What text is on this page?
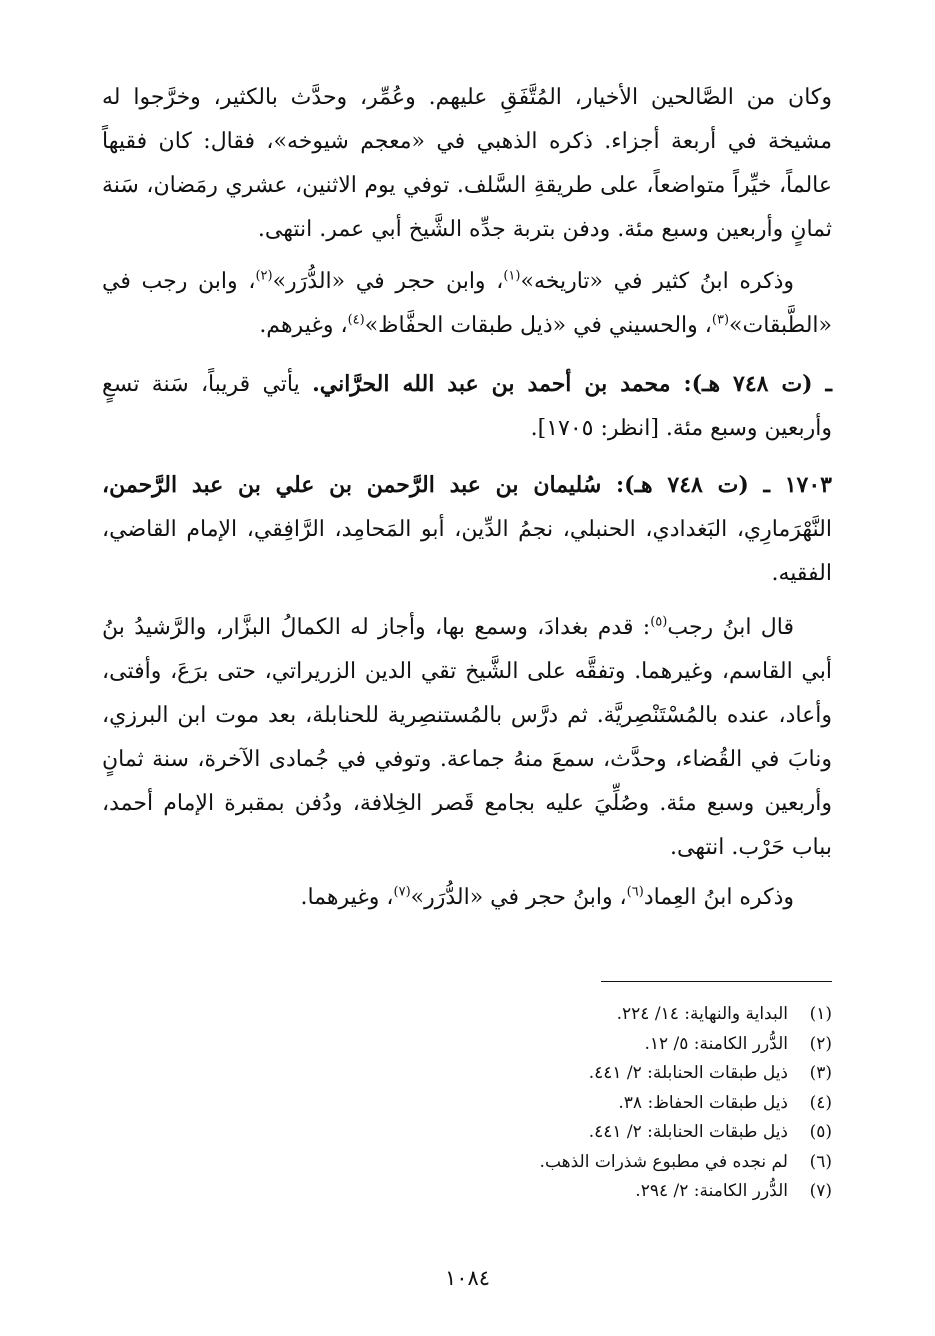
وكان من الصَّالحين الأخيار، المُتَّفَقِ عليهم. وعُمِّر، وحدَّث بالكثير، وخرَّجوا له مشيخة في أربعة أجزاء. ذكره الذهبي في «معجم شيوخه»، فقال: كان فقيهاً عالماً، خيِّراً متواضعاً، على طريقةِ السَّلف. توفي يوم الاثنين، عشري رمَضان، سَنة ثمانٍ وأربعين وسبع مئة. ودفن بتربة جدِّه الشَّيخ أبي عمر. انتهى.

وذكره ابنُ كثير في «تاريخه»$^{(١)}$، وابن حجر في «الدُّرَر»$^{(٢)}$، وابن رجب في «الطَّبقات»$^{(٣)}$، والحسيني في «ذيل طبقات الحفَّاظ»$^{(٤)}$، وغيرهم.

ـ (ت ٧٤٨ هـ): محمد بن أحمد بن عبد الله الحرَّاني. يأتي قريباً، سَنة تسعٍ وأربعين وسبع مئة. [انظر: ١٧٠٥].

١٧٠٣ ـ (ت ٧٤٨ هـ): سُليمان بن عبد الرَّحمن بن علي بن عبد الرَّحمن، النَّهْرَمارِي، البَغدادي، الحنبلي، نجمُ الدِّين، أبو المَحامِد، الرَّافِقي، الإمام القاضي، الفقيه.

قال ابنُ رجب$^{(٥)}$: قدم بغدادَ، وسمع بها، وأجاز له الكمالُ البزَّار، والرَّشيدُ بنُ أبي القاسم، وغيرهما. وتفقَّه على الشَّيخ تقي الدين الزريراتي، حتى برَعَ، وأفتى، وأعاد، عنده بالمُسْتَنْصِريَّة. ثم درَّس بالمُستنصِرية للحنابلة، بعد موت ابن البرزي، ونابَ في القُضاء، وحدَّث، سمعَ منهُ جماعة. وتوفي في جُمادى الآخرة، سنة ثمانٍ وأربعين وسبع مئة. وصُلِّيَ عليه بجامع قَصر الخِلافة، ودُفن بمقبرة الإمام أحمد، بباب حَرْب. انتهى.

وذكره ابنُ العِماد$^{(٦)}$، وابنُ حجر في «الدُّرَر»$^{(٧)}$، وغيرهما.

(١)
البداية والنهاية: ١٤/ ٢٢٤.
(٢)
الدُّرر الكامنة: ٥/ ١٢.
(٣)
ذيل طبقات الحنابلة: ٢/ ٤٤١.
(٤)
ذيل طبقات الحفاظ: ٣٨.
(٥)
ذيل طبقات الحنابلة: ٢/ ٤٤١.
(٦)
لم نجده في مطبوع شذرات الذهب.
(٧)
الدُّرر الكامنة: ٢/ ٢٩٤.
١٠٨٤
